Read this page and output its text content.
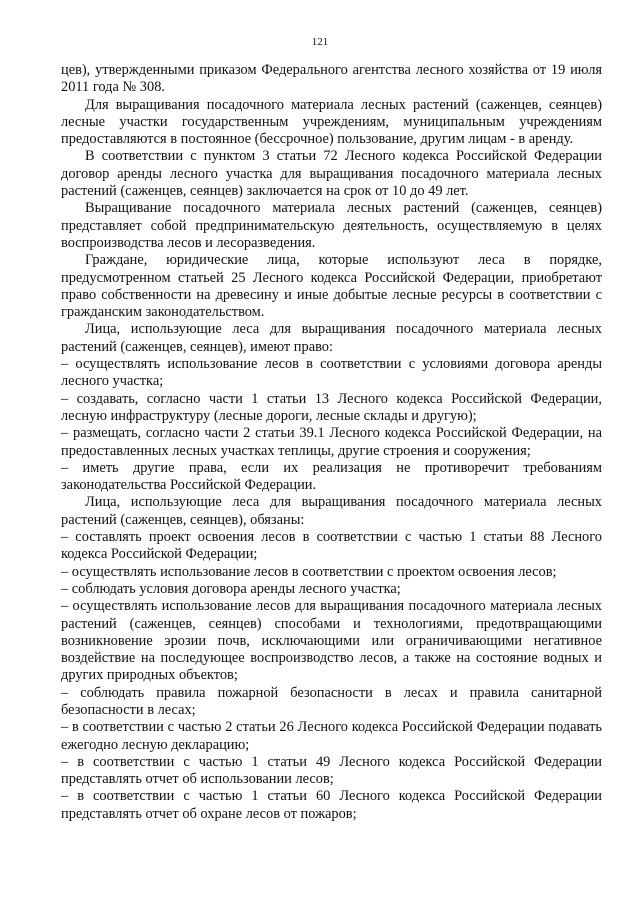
121

цев), утвержденными приказом Федерального агентства лесного хозяйства от 19 июля 2011 года № 308.

Для выращивания посадочного материала лесных растений (саженцев, сеянцев) лесные участки государственным учреждениям, муниципальным учреждениям предоставляются в постоянное (бессрочное) пользование, другим лицам - в аренду.

В соответствии с пунктом 3 статьи 72 Лесного кодекса Российской Федерации договор аренды лесного участка для выращивания посадочного материала лесных растений (саженцев, сеянцев) заключается на срок от 10 до 49 лет.

Выращивание посадочного материала лесных растений (саженцев, сеянцев) представляет собой предпринимательскую деятельность, осуществляемую в целях воспроизводства лесов и лесоразведения.

Граждане, юридические лица, которые используют леса в порядке, предусмотренном статьей 25 Лесного кодекса Российской Федерации, приобретают право собственности на древесину и иные добытые лесные ресурсы в соответствии с гражданским законодательством.

Лица, использующие леса для выращивания посадочного материала лесных растений (саженцев, сеянцев), имеют право:

– осуществлять использование лесов в соответствии с условиями договора аренды лесного участка;

– создавать, согласно части 1 статьи 13 Лесного кодекса Российской Федерации, лесную инфраструктуру (лесные дороги, лесные склады и другую);

– размещать, согласно части 2 статьи 39.1 Лесного кодекса Российской Федерации, на предоставленных лесных участках теплицы, другие строения и сооружения;

– иметь другие права, если их реализация не противоречит требованиям законодательства Российской Федерации.

Лица, использующие леса для выращивания посадочного материала лесных растений (саженцев, сеянцев), обязаны:

– составлять проект освоения лесов в соответствии с частью 1 статьи 88 Лесного кодекса Российской Федерации;

– осуществлять использование лесов в соответствии с проектом освоения лесов;

– соблюдать условия договора аренды лесного участка;

– осуществлять использование лесов для выращивания посадочного материала лесных растений (саженцев, сеянцев) способами и технологиями, предотвращающими возникновение эрозии почв, исключающими или ограничивающими негативное воздействие на последующее воспроизводство лесов, а также на состояние водных и других природных объектов;

– соблюдать правила пожарной безопасности в лесах и правила санитарной безопасности в лесах;

– в соответствии с частью 2 статьи 26 Лесного кодекса Российской Федерации подавать ежегодно лесную декларацию;

– в соответствии с частью 1 статьи 49 Лесного кодекса Российской Федерации представлять отчет об использовании лесов;

– в соответствии с частью 1 статьи 60 Лесного кодекса Российской Федерации представлять отчет об охране лесов от пожаров;
